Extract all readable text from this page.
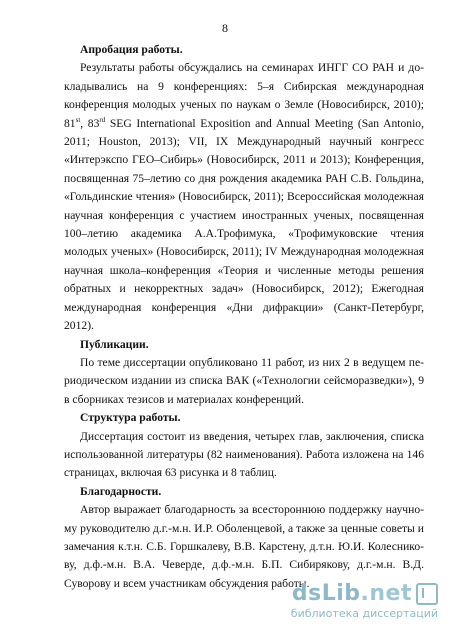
8
Апробация работы.

Результаты работы обсуждались на семинарах ИНГГ СО РАН и докладывались на 9 конференциях: 5–я Сибирская международная конференция молодых ученых по наукам о Земле (Новосибирск, 2010); 81st, 83rd SEG International Exposition and Annual Meeting (San Antonio, 2011; Houston, 2013); VII, IX Международный научный конгресс «Интерэкспо ГЕО–Сибирь» (Новосибирск, 2011 и 2013); Конференция, посвященная 75–летию со дня рождения академика РАН С.В. Гольдина, «Гольдинские чтения» (Новосибирск, 2011); Всероссийская молодежная научная конференция с участием иностранных ученых, посвященная 100–летию академика А.А.Трофимука, «Трофимуковские чтения молодых ученых» (Новосибирск, 2011); IV Международная молодежная научная школа–конференция «Теория и численные методы решения обратных и некорректных задач» (Новосибирск, 2012); Ежегодная международная конференция «Дни дифракции» (Санкт-Петербург, 2012).

Публикации.

По теме диссертации опубликовано 11 работ, из них 2 в ведущем периодическом издании из списка ВАК («Технологии сейсморазведки»), 9 в сборниках тезисов и материалах конференций.

Структура работы.

Диссертация состоит из введения, четырех глав, заключения, списка использованной литературы (82 наименования). Работа изложена на 146 страницах, включая 63 рисунка и 8 таблиц.

Благодарности.

Автор выражает благодарность за всестороннюю поддержку научному руководителю д.г.-м.н. И.Р. Оболенцевой, а также за ценные советы и замечания к.т.н. С.Б. Горшкалеву, В.В. Карстену, д.т.н. Ю.И. Колесникову, д.ф.-м.н. В.А. Чеверде, д.ф.-м.н. Б.П. Сибирякову, д.г.-м.н. В.Д. Суворову и всем участникам обсуждения работы.

dsLib.net
библиотека диссертаций
